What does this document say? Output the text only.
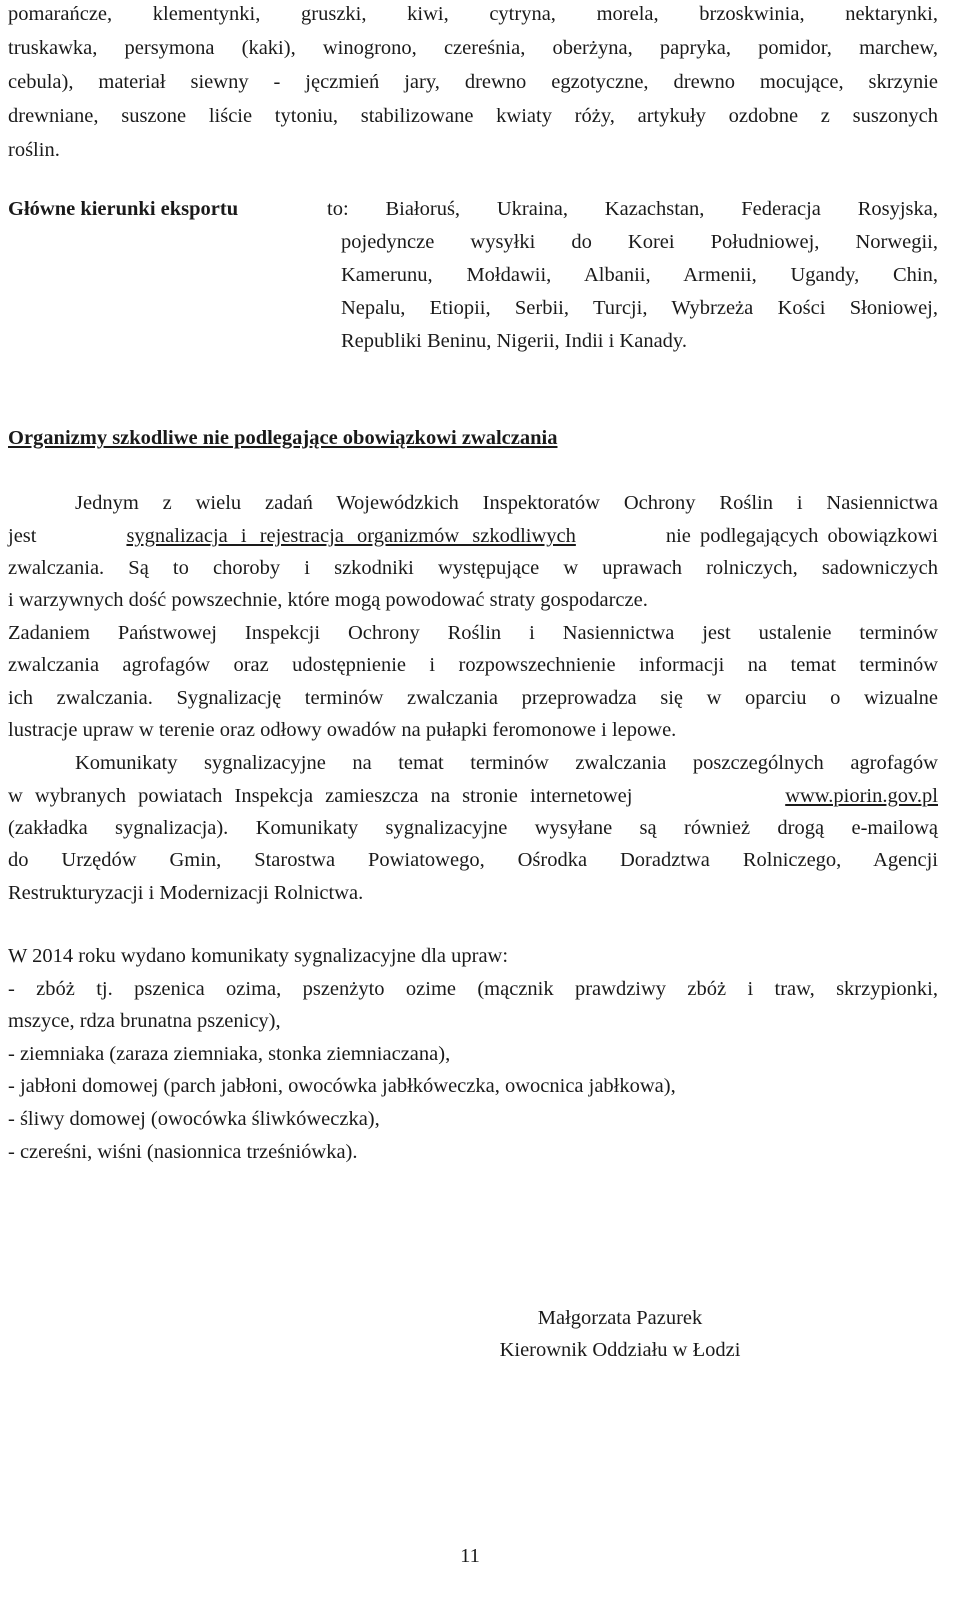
pomarańcze, klementynki, gruszki, kiwi, cytryna, morela, brzoskwinia, nektarynki,
truskawka, persymona (kaki), winogrono, czereśnia, oberżyna, papryka, pomidor, marchew,
cebula), materiał siewny - jęczmień jary, drewno egzotyczne, drewno mocujące, skrzynie
drewniane, suszone liście tytoniu, stabilizowane kwiaty róży, artykuły ozdobne z suszonych
roślin.
Główne kierunki eksportu	to: Białoruś, Ukraina, Kazachstan, Federacja Rosyjska,
pojedyncze wysyłki do Korei Południowej, Norwegii,
Kamerunu, Mołdawii, Albanii, Armenii, Ugandy, Chin,
Nepalu, Etiopii, Serbii, Turcji, Wybrzeża Kości Słoniowej,
Republiki Beninu, Nigerii, Indii i Kanady.
Organizmy szkodliwe nie podlegające obowiązkowi zwalczania
Jednym z wielu zadań Wojewódzkich Inspektoratów Ochrony Roślin i Nasiennictwa
jest	sygnalizacja i rejestracja organizmów szkodliwych	nie podlegających obowiązkowi
zwalczania. Są to choroby i szkodniki występujące w uprawach rolniczych, sadowniczych
i warzywnych dość powszechnie, które mogą powodować straty gospodarcze.
Zadaniem Państwowej Inspekcji Ochrony Roślin i Nasiennictwa jest ustalenie terminów
zwalczania agrofagów oraz udostępnienie i rozpowszechnienie informacji na temat terminów
ich zwalczania. Sygnalizację terminów zwalczania przeprowadza się w oparciu o wizualne
lustracje upraw w terenie oraz odłowy owadów na pułapki feromonowe i lepowe.
Komunikaty sygnalizacyjne na temat terminów zwalczania poszczególnych agrofagów
w wybranych powiatach Inspekcja zamieszcza na stronie internetowej	www.piorin.gov.pl
(zakładka sygnalizacja). Komunikaty sygnalizacyjne wysyłane są również drogą e-mailową
do Urzędów Gmin, Starostwa Powiatowego, Ośrodka Doradztwa Rolniczego, Agencji
Restrukturyzacji i Modernizacji Rolnictwa.
W 2014 roku wydano komunikaty sygnalizacyjne dla upraw:
- zbóż tj. pszenica ozima, pszenżyto ozime (mącznik prawdziwy zbóż i traw, skrzypionki,
mszyce, rdza brunatna pszenicy),
- ziemniaka (zaraza ziemniaka, stonka ziemniaczana),
- jabłoni domowej (parch jabłoni, owocówka jabłkóweczka, owocnica jabłkowa),
- śliwy domowej (owocówka śliwkóweczka),
- czereśni, wiśni (nasionnica trześniówka).
Małgorzata Pazurek
Kierownik Oddziału w Łodzi
11
